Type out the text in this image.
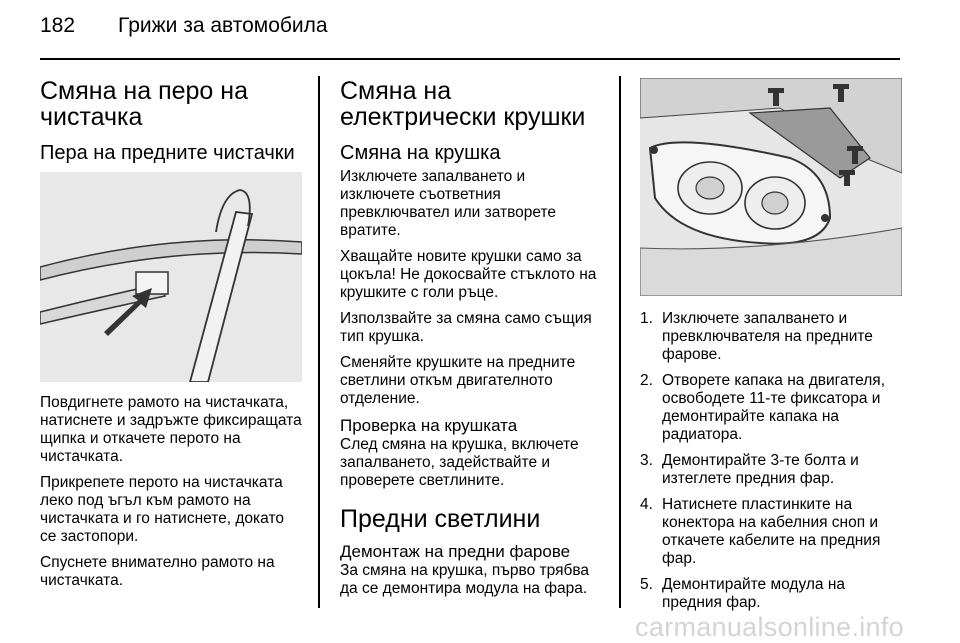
182 Грижи за автомобила
Смяна на перо на чистачка
Пера на предните чистачки

Повдигнете рамото на чистачката, натиснете и задръжте фиксиращата щипка и откачете перото на чистачката.

Прикрепете перото на чистачката леко под ъгъл към рамото на чистачката и го натиснете, докато се застопори.

Спуснете внимателно рамото на чистачката.

Смяна на електрически крушки
Смяна на крушка

Изключете запалването и изключете съответния превключвател или затворете вратите.

Хващайте новите крушки само за цокъла! Не докосвайте стъклото на крушките с голи ръце.

Използвайте за смяна само същия тип крушка.

Сменяйте крушките на предните светлини откъм двигателното отделение.

Проверка на крушката

След смяна на крушка, включете запалването, задействайте и проверете светлините.

Предни светлини
Демонтаж на предни фарове

За смяна на крушка, първо трябва да се демонтира модула на фара.

1. Изключете запалването и превключвателя на предните фарове.
2. Отворете капака на двигателя, освободете 11-те фиксатора и демонтирайте капака на радиатора.
3. Демонтирайте 3-те болта и изтеглете предния фар.
4. Натиснете пластинките на конектора на кабелния сноп и откачете кабелите на предния фар.
5. Демонтирайте модула на предния фар.
carmanualsonline.info
